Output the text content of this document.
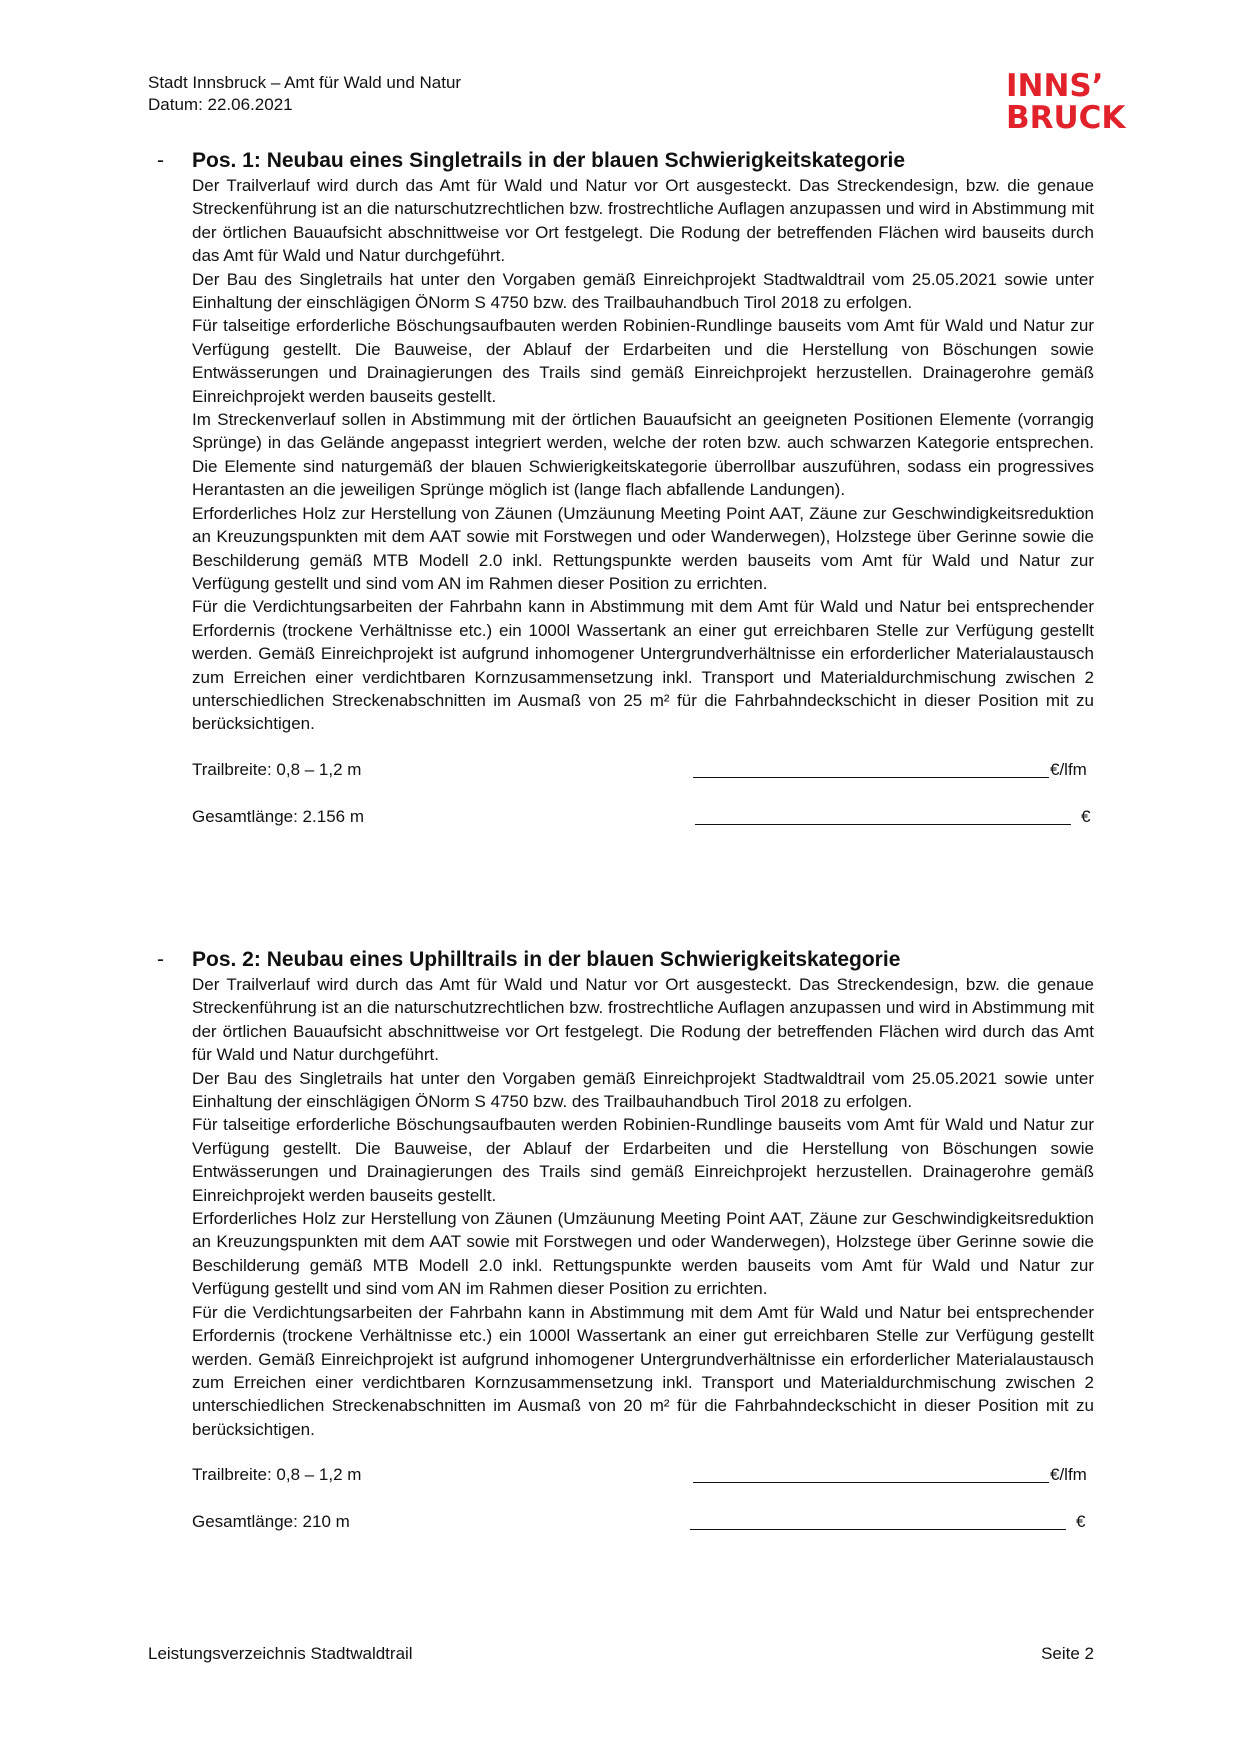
Stadt Innsbruck – Amt für Wald und Natur
Datum: 22.06.2021
INNS’
BRUCK
- Pos. 1: Neubau eines Singletrails in der blauen Schwierigkeitskategorie

Der Trailverlauf wird durch das Amt für Wald und Natur vor Ort ausgesteckt. Das Streckendesign, bzw. die genaue Streckenführung ist an die naturschutzrechtlichen bzw. frostrechtliche Auflagen anzupassen und wird in Abstimmung mit der örtlichen Bauaufsicht abschnittweise vor Ort festgelegt. Die Rodung der betreffenden Flächen wird bauseits durch das Amt für Wald und Natur durchgeführt.

Der Bau des Singletrails hat unter den Vorgaben gemäß Einreichprojekt Stadtwaldtrail vom 25.05.2021 sowie unter Einhaltung der einschlägigen ÖNorm S 4750 bzw. des Trailbauhandbuch Tirol 2018 zu erfolgen.

Für talseitige erforderliche Böschungsaufbauten werden Robinien-Rundlinge bauseits vom Amt für Wald und Natur zur Verfügung gestellt. Die Bauweise, der Ablauf der Erdarbeiten und die Herstellung von Böschungen sowie Entwässerungen und Drainagierungen des Trails sind gemäß Einreichprojekt herzustellen. Drainagerohre gemäß Einreichprojekt werden bauseits gestellt.

Im Streckenverlauf sollen in Abstimmung mit der örtlichen Bauaufsicht an geeigneten Positionen Elemente (vorrangig Sprünge) in das Gelände angepasst integriert werden, welche der roten bzw. auch schwarzen Kategorie entsprechen. Die Elemente sind naturgemäß der blauen Schwierigkeitskategorie überrollbar auszuführen, sodass ein progressives Herantasten an die jeweiligen Sprünge möglich ist (lange flach abfallende Landungen).

Erforderliches Holz zur Herstellung von Zäunen (Umzäunung Meeting Point AAT, Zäune zur Geschwindigkeitsreduktion an Kreuzungspunkten mit dem AAT sowie mit Forstwegen und oder Wanderwegen), Holzstege über Gerinne sowie die Beschilderung gemäß MTB Modell 2.0 inkl. Rettungspunkte werden bauseits vom Amt für Wald und Natur zur Verfügung gestellt und sind vom AN im Rahmen dieser Position zu errichten.

Für die Verdichtungsarbeiten der Fahrbahn kann in Abstimmung mit dem Amt für Wald und Natur bei entsprechender Erfordernis (trockene Verhältnisse etc.) ein 1000l Wassertank an einer gut erreichbaren Stelle zur Verfügung gestellt werden. Gemäß Einreichprojekt ist aufgrund inhomogener Untergrundverhältnisse ein erforderlicher Materialaustausch zum Erreichen einer verdichtbaren Kornzusammensetzung inkl. Transport und Materialdurchmischung zwischen 2 unterschiedlichen Streckenabschnitten im Ausmaß von 25 m² für die Fahrbahndeckschicht in dieser Position mit zu berücksichtigen.

Trailbreite: 0,8 – 1,2 m	€/lfm
Gesamtlänge: 2.156 m	€
- Pos. 2: Neubau eines Uphilltrails in der blauen Schwierigkeitskategorie

Der Trailverlauf wird durch das Amt für Wald und Natur vor Ort ausgesteckt. Das Streckendesign, bzw. die genaue Streckenführung ist an die naturschutzrechtlichen bzw. frostrechtliche Auflagen anzupassen und wird in Abstimmung mit der örtlichen Bauaufsicht abschnittweise vor Ort festgelegt. Die Rodung der betreffenden Flächen wird durch das Amt für Wald und Natur durchgeführt.

Der Bau des Singletrails hat unter den Vorgaben gemäß Einreichprojekt Stadtwaldtrail vom 25.05.2021 sowie unter Einhaltung der einschlägigen ÖNorm S 4750 bzw. des Trailbauhandbuch Tirol 2018 zu erfolgen.

Für talseitige erforderliche Böschungsaufbauten werden Robinien-Rundlinge bauseits vom Amt für Wald und Natur zur Verfügung gestellt. Die Bauweise, der Ablauf der Erdarbeiten und die Herstellung von Böschungen sowie Entwässerungen und Drainagierungen des Trails sind gemäß Einreichprojekt herzustellen. Drainagerohre gemäß Einreichprojekt werden bauseits gestellt.

Erforderliches Holz zur Herstellung von Zäunen (Umzäunung Meeting Point AAT, Zäune zur Geschwindigkeitsreduktion an Kreuzungspunkten mit dem AAT sowie mit Forstwegen und oder Wanderwegen), Holzstege über Gerinne sowie die Beschilderung gemäß MTB Modell 2.0 inkl. Rettungspunkte werden bauseits vom Amt für Wald und Natur zur Verfügung gestellt und sind vom AN im Rahmen dieser Position zu errichten.

Für die Verdichtungsarbeiten der Fahrbahn kann in Abstimmung mit dem Amt für Wald und Natur bei entsprechender Erfordernis (trockene Verhältnisse etc.) ein 1000l Wassertank an einer gut erreichbaren Stelle zur Verfügung gestellt werden. Gemäß Einreichprojekt ist aufgrund inhomogener Untergrundverhältnisse ein erforderlicher Materialaustausch zum Erreichen einer verdichtbaren Kornzusammensetzung inkl. Transport und Materialdurchmischung zwischen 2 unterschiedlichen Streckenabschnitten im Ausmaß von 20 m² für die Fahrbahndeckschicht in dieser Position mit zu berücksichtigen.

Trailbreite: 0,8 – 1,2 m	€/lfm
Gesamtlänge: 210 m	€
Leistungsverzeichnis Stadtwaldtrail	Seite 2
